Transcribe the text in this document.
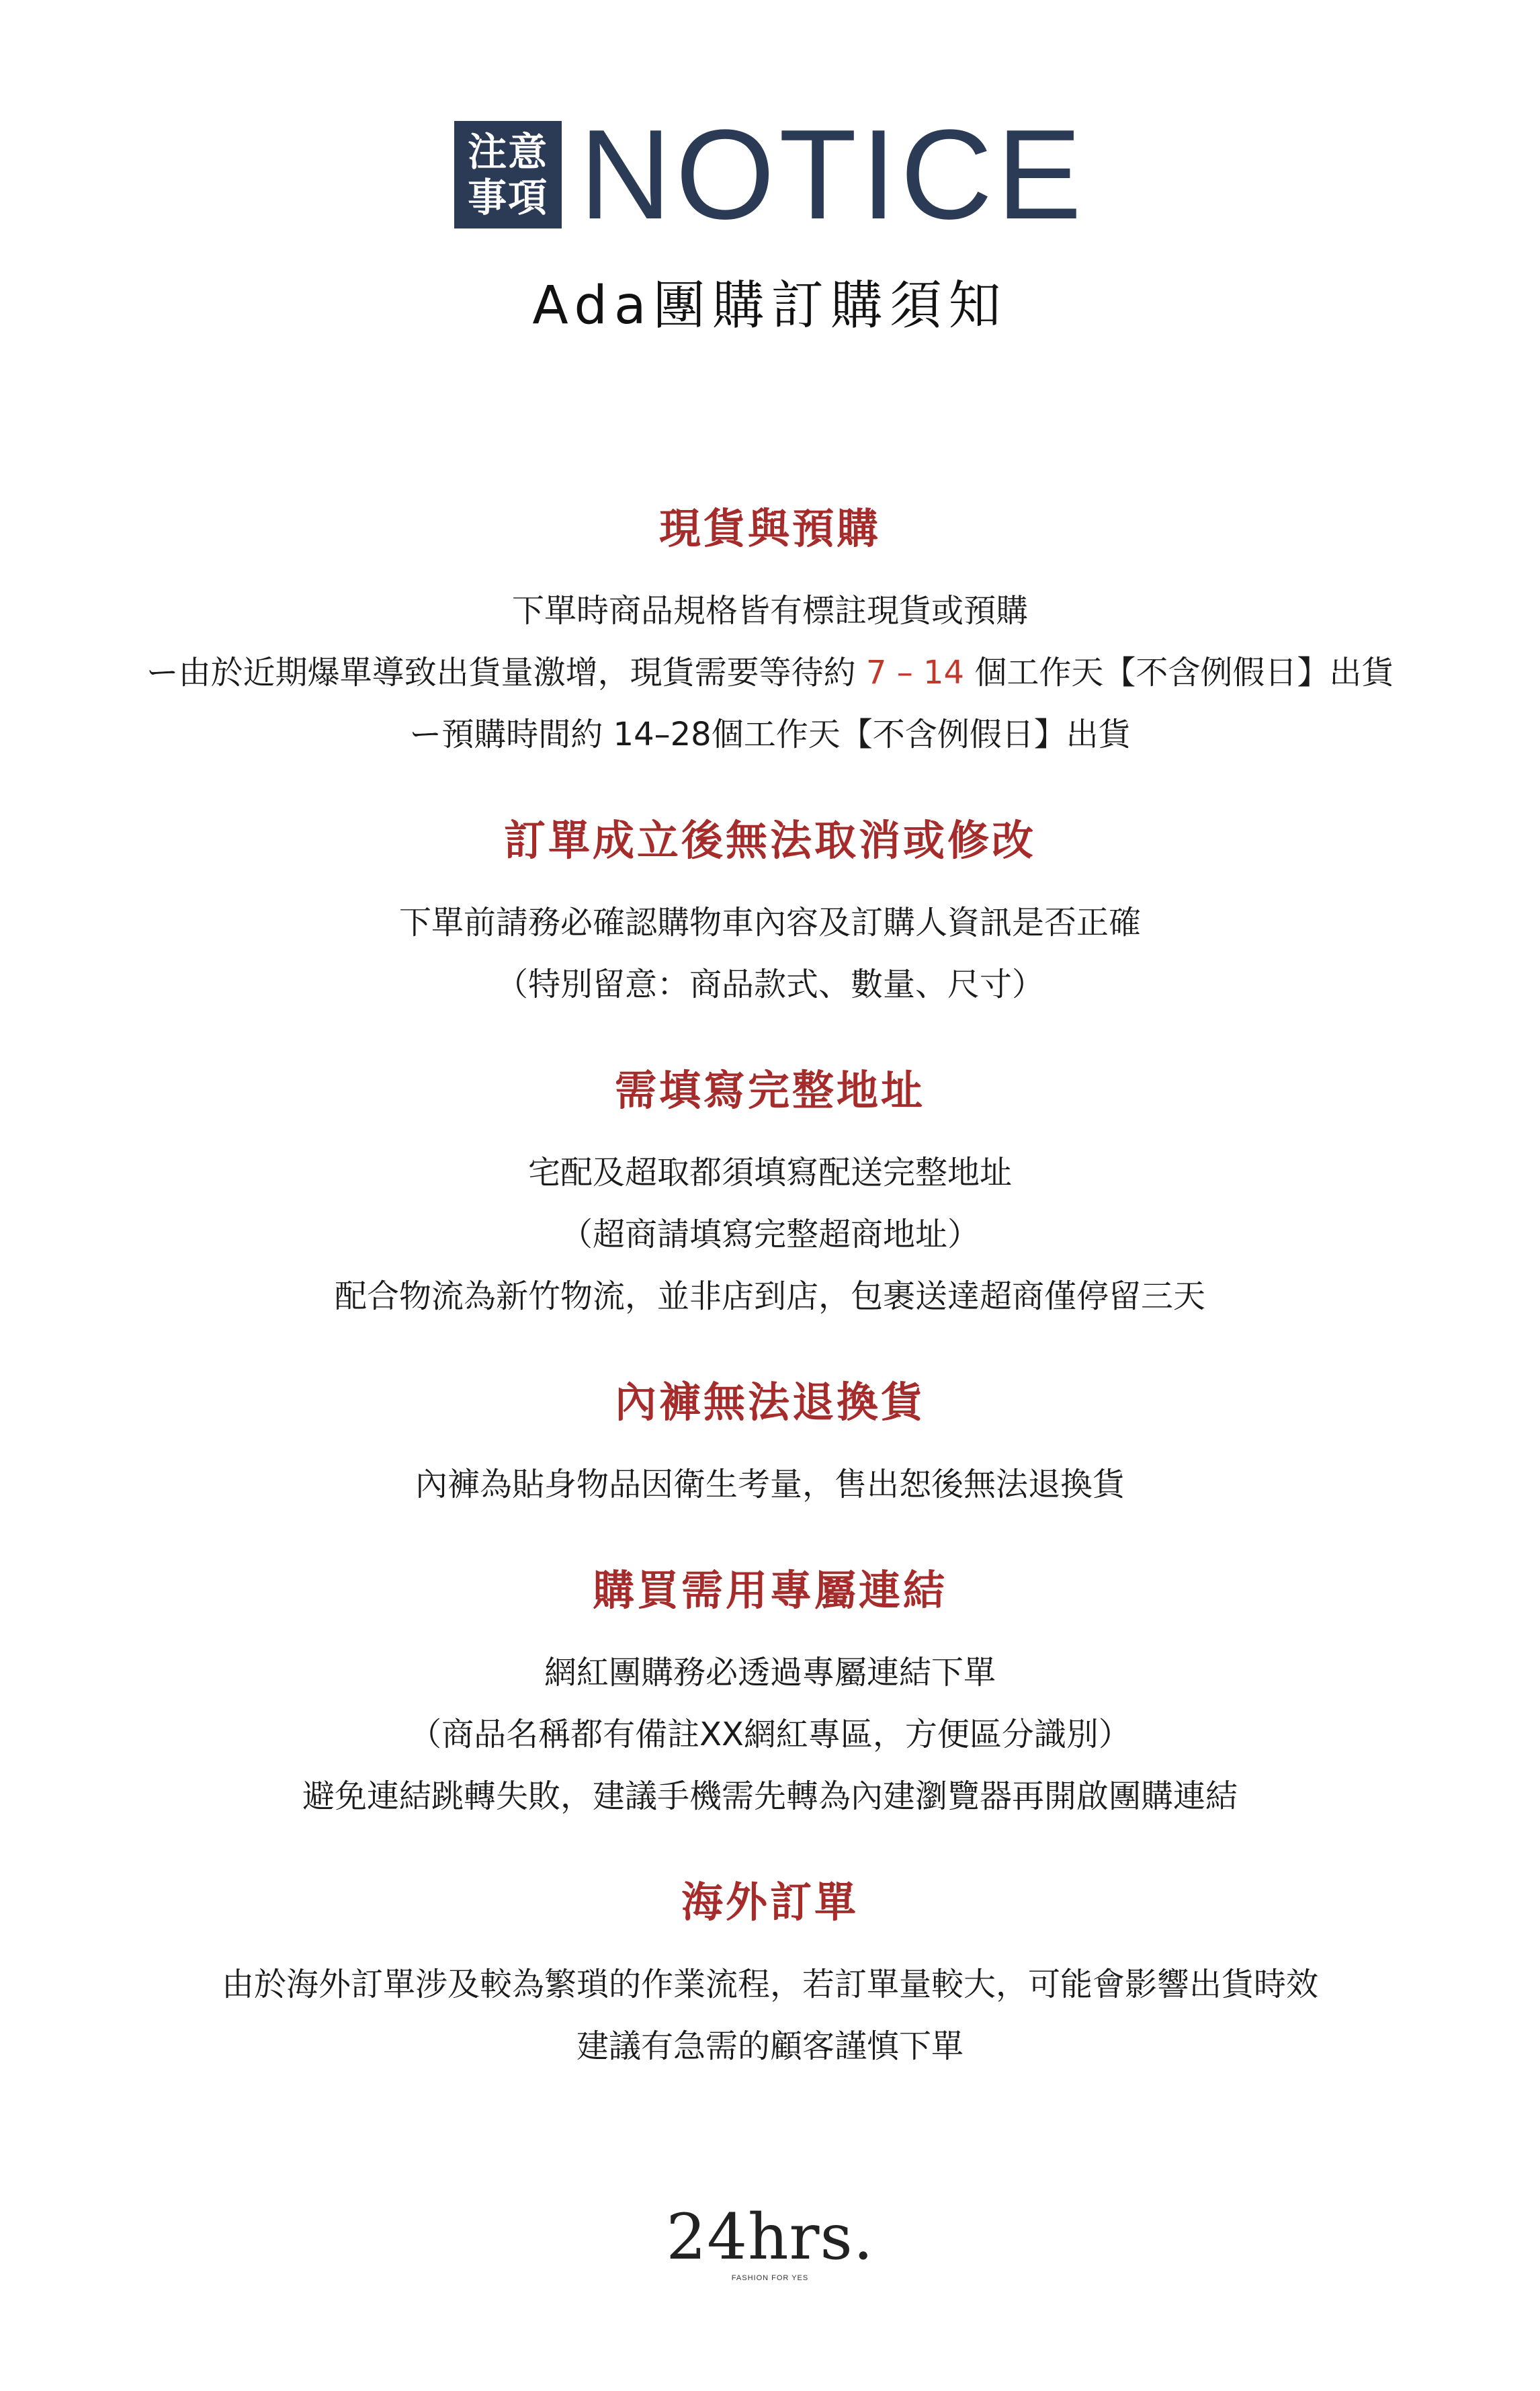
注意
事項 NOTICE
Ada團購訂購須知
現貨與預購
下單時商品規格皆有標註現貨或預購
ー由於近期爆單導致出貨量激增，現貨需要等待約 7 – 14 個工作天【不含例假日】出貨
ー預購時間約 14–28個工作天【不含例假日】出貨
訂單成立後無法取消或修改
下單前請務必確認購物車內容及訂購人資訊是否正確
（特別留意：商品款式、數量、尺寸）
需填寫完整地址
宅配及超取都須填寫配送完整地址
（超商請填寫完整超商地址）
配合物流為新竹物流，並非店到店，包裹送達超商僅停留三天
內褲無法退換貨
內褲為貼身物品因衛生考量，售出恕後無法退換貨
購買需用專屬連結
網紅團購務必透過專屬連結下單
（商品名稱都有備註XX網紅專區，方便區分識別）
避免連結跳轉失敗，建議手機需先轉為內建瀏覽器再開啟團購連結
海外訂單
由於海外訂單涉及較為繁瑣的作業流程，若訂單量較大，可能會影響出貨時效
建議有急需的顧客謹慎下單
24hrs.
FASHION FOR YES
